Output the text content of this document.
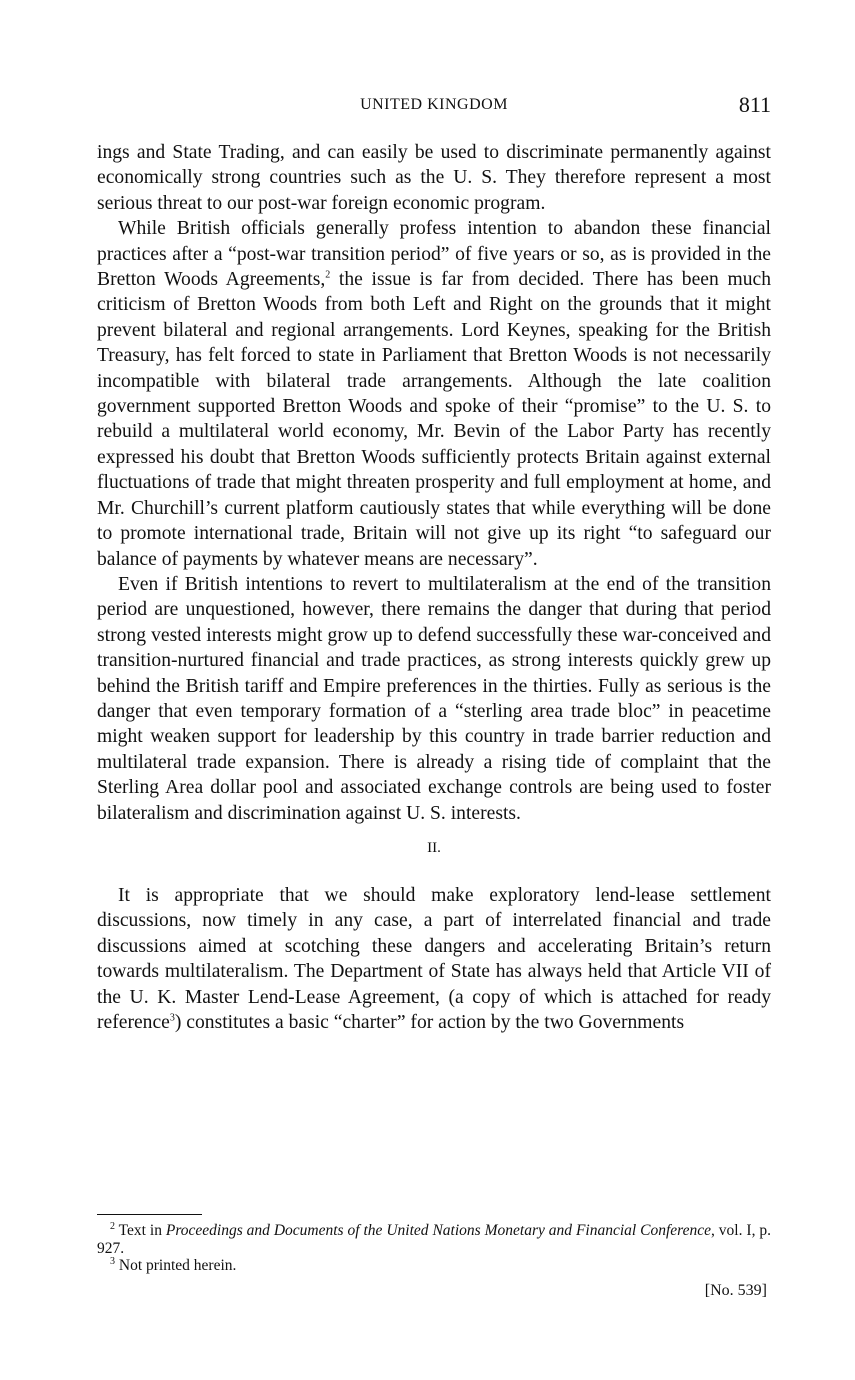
UNITED KINGDOM	811

ings and State Trading, and can easily be used to discriminate permanently against economically strong countries such as the U. S. They therefore represent a most serious threat to our post-war foreign economic program.

While British officials generally profess intention to abandon these financial practices after a “post-war transition period” of five years or so, as is provided in the Bretton Woods Agreements,$^2$ the issue is far from decided. There has been much criticism of Bretton Woods from both Left and Right on the grounds that it might prevent bilateral and regional arrangements. Lord Keynes, speaking for the British Treasury, has felt forced to state in Parliament that Bretton Woods is not necessarily incompatible with bilateral trade arrangements. Although the late coalition government supported Bretton Woods and spoke of their “promise” to the U. S. to rebuild a multilateral world economy, Mr. Bevin of the Labor Party has recently expressed his doubt that Bretton Woods sufficiently protects Britain against external fluctuations of trade that might threaten prosperity and full employment at home, and Mr. Churchill’s current platform cautiously states that while everything will be done to promote international trade, Britain will not give up its right “to safeguard our balance of payments by whatever means are necessary”.

Even if British intentions to revert to multilateralism at the end of the transition period are unquestioned, however, there remains the danger that during that period strong vested interests might grow up to defend successfully these war-conceived and transition-nurtured financial and trade practices, as strong interests quickly grew up behind the British tariff and Empire preferences in the thirties. Fully as serious is the danger that even temporary formation of a “sterling area trade bloc” in peacetime might weaken support for leadership by this country in trade barrier reduction and multilateral trade expansion. There is already a rising tide of complaint that the Sterling Area dollar pool and associated exchange controls are being used to foster bilateralism and discrimination against U. S. interests.

II.

It is appropriate that we should make exploratory lend-lease settlement discussions, now timely in any case, a part of interrelated financial and trade discussions aimed at scotching these dangers and accelerating Britain’s return towards multilateralism. The Department of State has always held that Article VII of the U. K. Master Lend-Lease Agreement, (a copy of which is attached for ready reference$^3$) constitutes a basic “charter” for action by the two Governments

$^2$ Text in Proceedings and Documents of the United Nations Monetary and Financial Conference, vol. I, p. 927.

$^3$ Not printed herein.

[No. 539]
